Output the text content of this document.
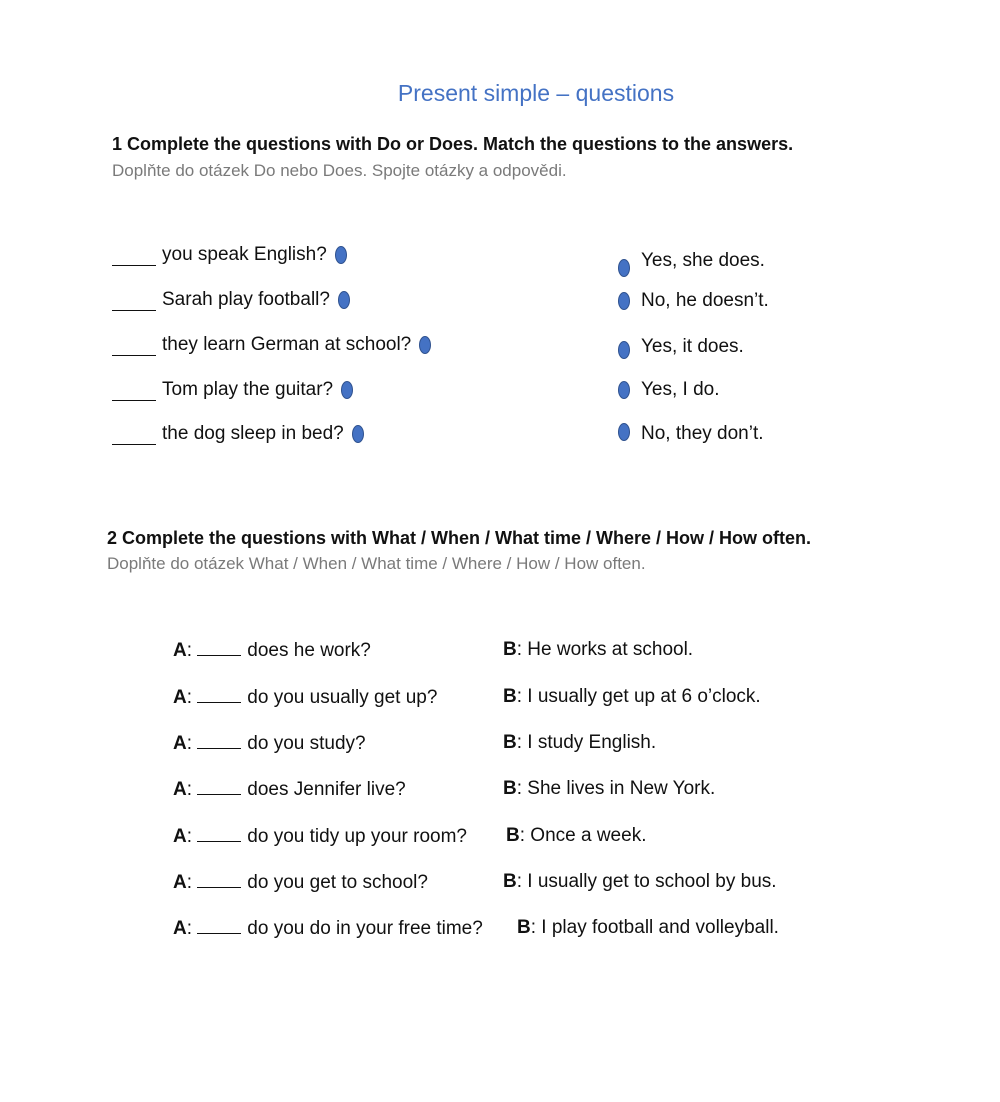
Present simple – questions
1 Complete the questions with Do or Does. Match the questions to the answers.
Doplňte do otázek Do nebo Does. Spojte otázky a odpovědi.
you speak English?
Sarah play football?
they learn German at school?
Tom play the guitar?
the dog sleep in bed?
Yes, she does.
No, he doesn’t.
Yes, it does.
Yes, I do.
No, they don’t.
2 Complete the questions with What / When / What time / Where / How / How often.
Doplňte do otázek What / When / What time / Where / How / How often.
A:	does he work?	B: He works at school.
A:	do you usually get up?	B: I usually get up at 6 o’clock.
A:	do you study?	B: I study English.
A:	does Jennifer live?	B: She lives in New York.
A:	do you tidy up your room? B: Once a week.
A:	do you get to school?	B: I usually get to school by bus.
A:	do you do in your free time? B: I play football and volleyball.
